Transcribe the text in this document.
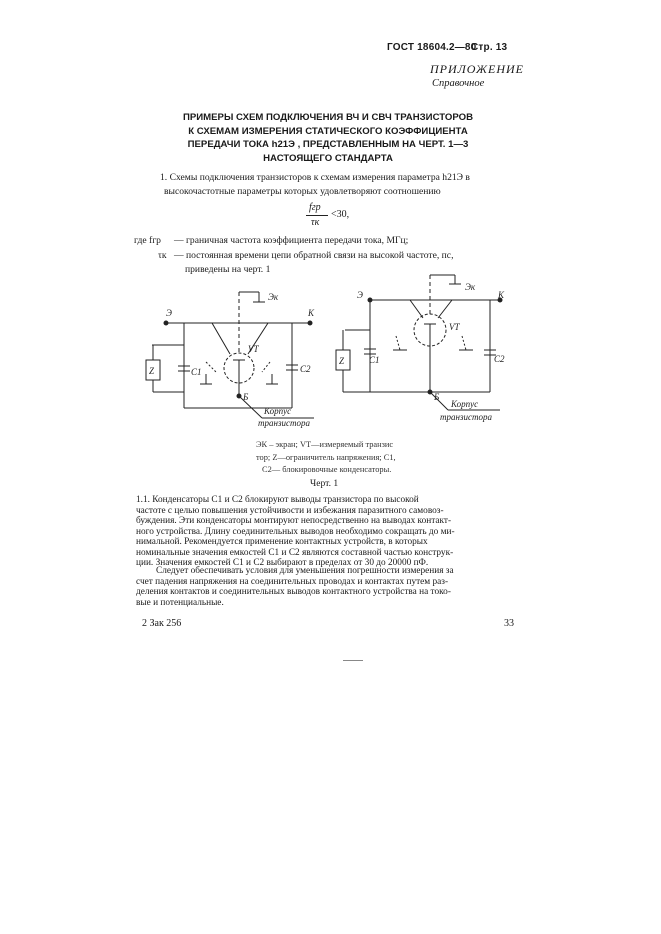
ГОСТ 18604.2—80
Стр. 13
ПРИЛОЖЕНИЕ
Справочное
ПРИМЕРЫ СХЕМ ПОДКЛЮЧЕНИЯ ВЧ И СВЧ ТРАНЗИСТОРОВ
К СХЕМАМ ИЗМЕРЕНИЯ СТАТИЧЕСКОГО КОЭФФИЦИЕНТА
ПЕРЕДАЧИ ТОКА h21Э , ПРЕДСТАВЛЕННЫМ НА ЧЕРТ. 1—3
НАСТОЯЩЕГО СТАНДАРТА
1. Схемы подключения транзисторов к схемам измерения параметра h21Э в
высокочастотные параметры которых удовлетворяют соотношению
fгр
τк
<30,
где fгр — граничная частота коэффициента передачи тока, МГц;
τк — постоянная времени цепи обратной связи на высокой частоте, пс,
приведены на черт. 1
Э	К
Эк
VT
Z	C1	C2
Б
Корпус
транзистора
Э	К
Эк
VT
Z	C1	C2
Б
Корпус
транзистора
ЭК – экран; VT—измеряемый транзис
тор; Z—ограничитель напряжения; C1,
C2— блокировочные конденсаторы.
Черт. 1
1.1. Конденсаторы C1 и C2 блокируют выводы транзистора по высокой
частоте с целью повышения устойчивости и избежания паразитного самовоз-
буждения. Эти конденсаторы монтируют непосредственно на выводах контакт-
ного устройства. Длину соединительных выводов необходимо сокращать до ми-
нимальной. Рекомендуется применение контактных устройств, в которых
номинальные значения емкостей C1 и C2 являются составной частью конструк-
ции. Значения емкостей C1 и C2 выбирают в пределах от 30 до 20000 пФ.
Следует обеспечивать условия для уменьшения погрешности измерения за
счет падения напряжения на соединительных проводах и контактах путем раз-
деления контактов и соединительных выводов контактного устройства на токо-
вые и потенциальные.
2 Зак 256	33
